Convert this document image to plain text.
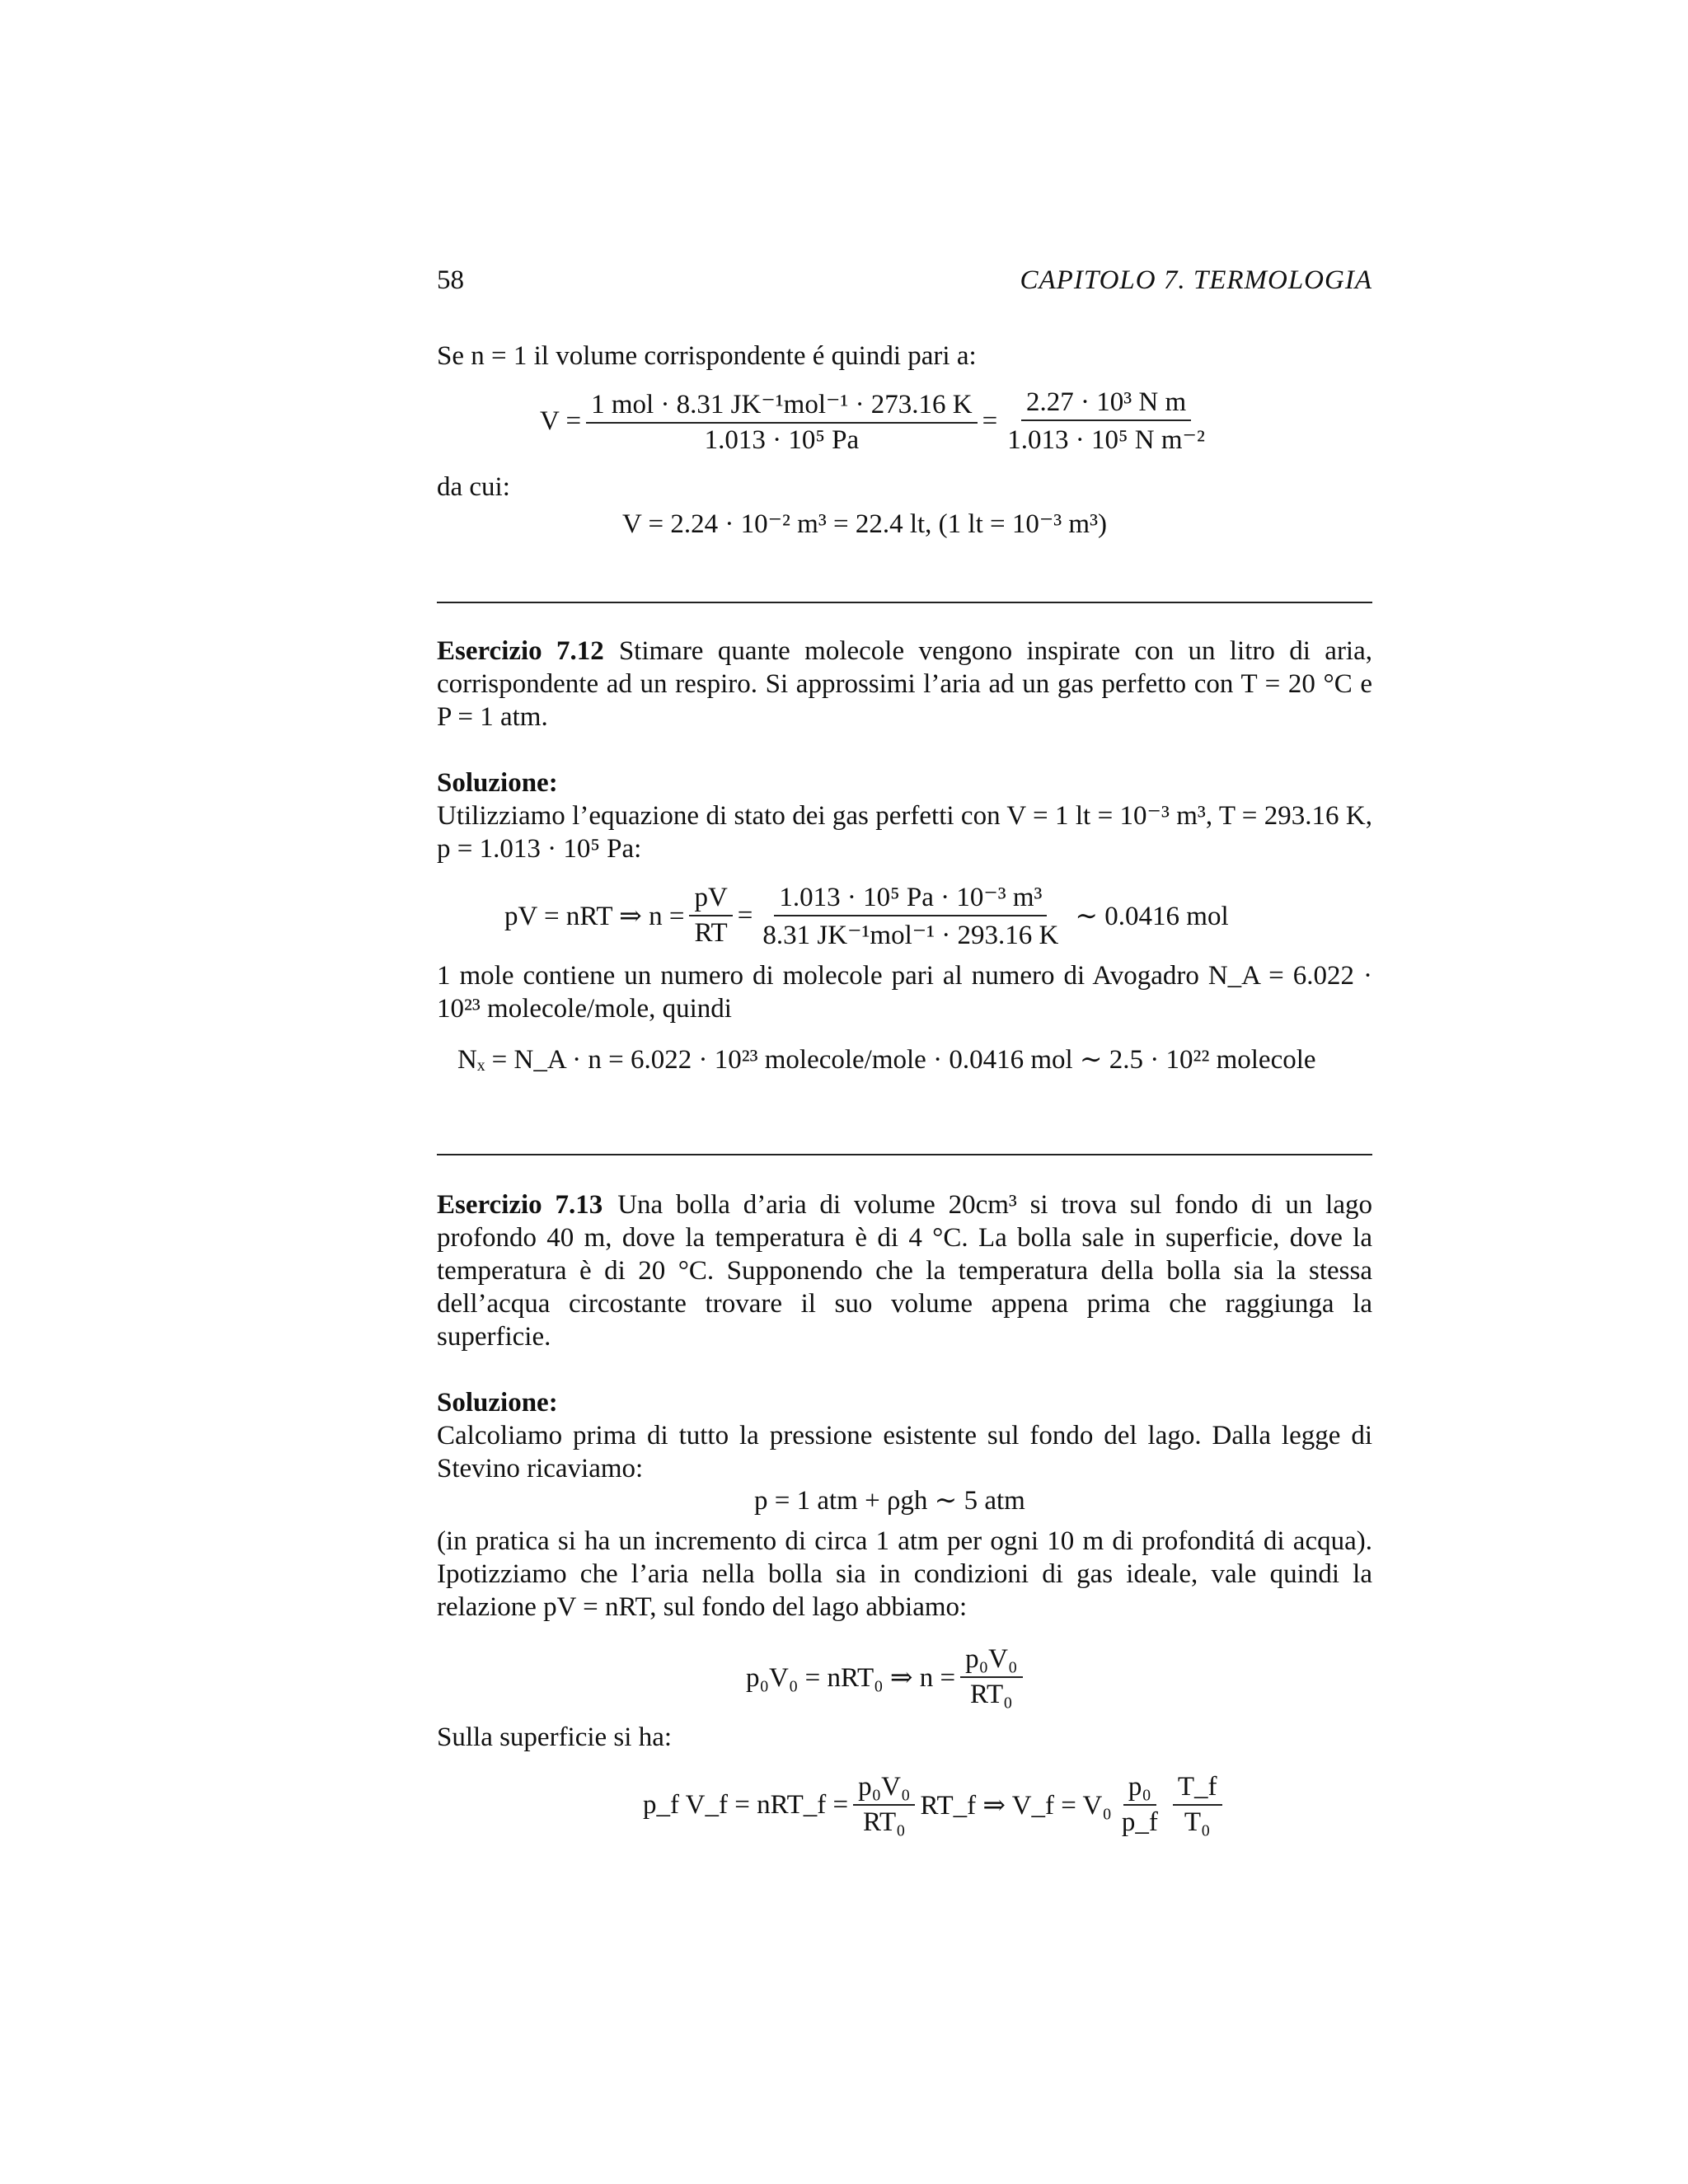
58	CAPITOLO 7. TERMOLOGIA
Se n = 1 il volume corrispondente é quindi pari a:
$V = \frac{\text{1 mol · 8.31 JK⁻¹mol⁻¹ · 273.16 K}}{\text{1.013 · 10⁵ Pa}} = \frac{\text{2.27 · 10³ N m}}{\text{1.013 · 10⁵ N m⁻²}}$
da cui:
V = 2.24 · 10⁻² m³ = 22.4 lt, (1 lt = 10⁻³ m³)

Esercizio 7.12 Stimare quante molecole vengono inspirate con un litro di aria, corrispondente ad un respiro. Si approssimi l’aria ad un gas perfetto con T = 20 °C e P = 1 atm.

Soluzione:

Utilizziamo l’equazione di stato dei gas perfetti con V = 1 lt = 10⁻³ m³, T = 293.16 K, p = 1.013 · 10⁵ Pa:

pV = nRT ⇒ $n = \frac{pV}{RT} = \frac{\text{1.013 · 10⁵ Pa · 10⁻³ m³}}{\text{8.31 JK⁻¹mol⁻¹ · 293.16 K}}$ ∼ 0.0416 mol
1 mole contiene un numero di molecole pari al numero di Avogadro N_A = 6.022 · 10²³ molecole/mole, quindi
Nₓ = N_A · n = 6.022 · 10²³ molecole/mole · 0.0416 mol ∼ 2.5 · 10²² molecole

Esercizio 7.13 Una bolla d’aria di volume 20cm³ si trova sul fondo di un lago profondo 40 m, dove la temperatura è di 4 °C. La bolla sale in superficie, dove la temperatura è di 20 °C. Supponendo che la temperatura della bolla sia la stessa dell’acqua circostante trovare il suo volume appena prima che raggiunga la superficie.

Soluzione:

Calcoliamo prima di tutto la pressione esistente sul fondo del lago. Dalla legge di Stevino ricaviamo:

p = 1 atm + ρgh ∼ 5 atm
(in pratica si ha un incremento di circa 1 atm per ogni 10 m di profonditá di acqua). Ipotizziamo che l’aria nella bolla sia in condizioni di gas ideale, vale quindi la relazione pV = nRT, sul fondo del lago abbiamo:
p₀V₀ = nRT₀ ⇒ $n = \frac{\text{p₀V₀}}{\text{RT₀}}$
Sulla superficie si ha:
p_f V_f = nRT_f = $\frac{\text{p₀V₀}}{\text{RT₀}}$ RT_f ⇒ V_f = $V_0 \frac{\text{p₀}}{p\_f} \frac{T\_f}{\text{T₀}}$
